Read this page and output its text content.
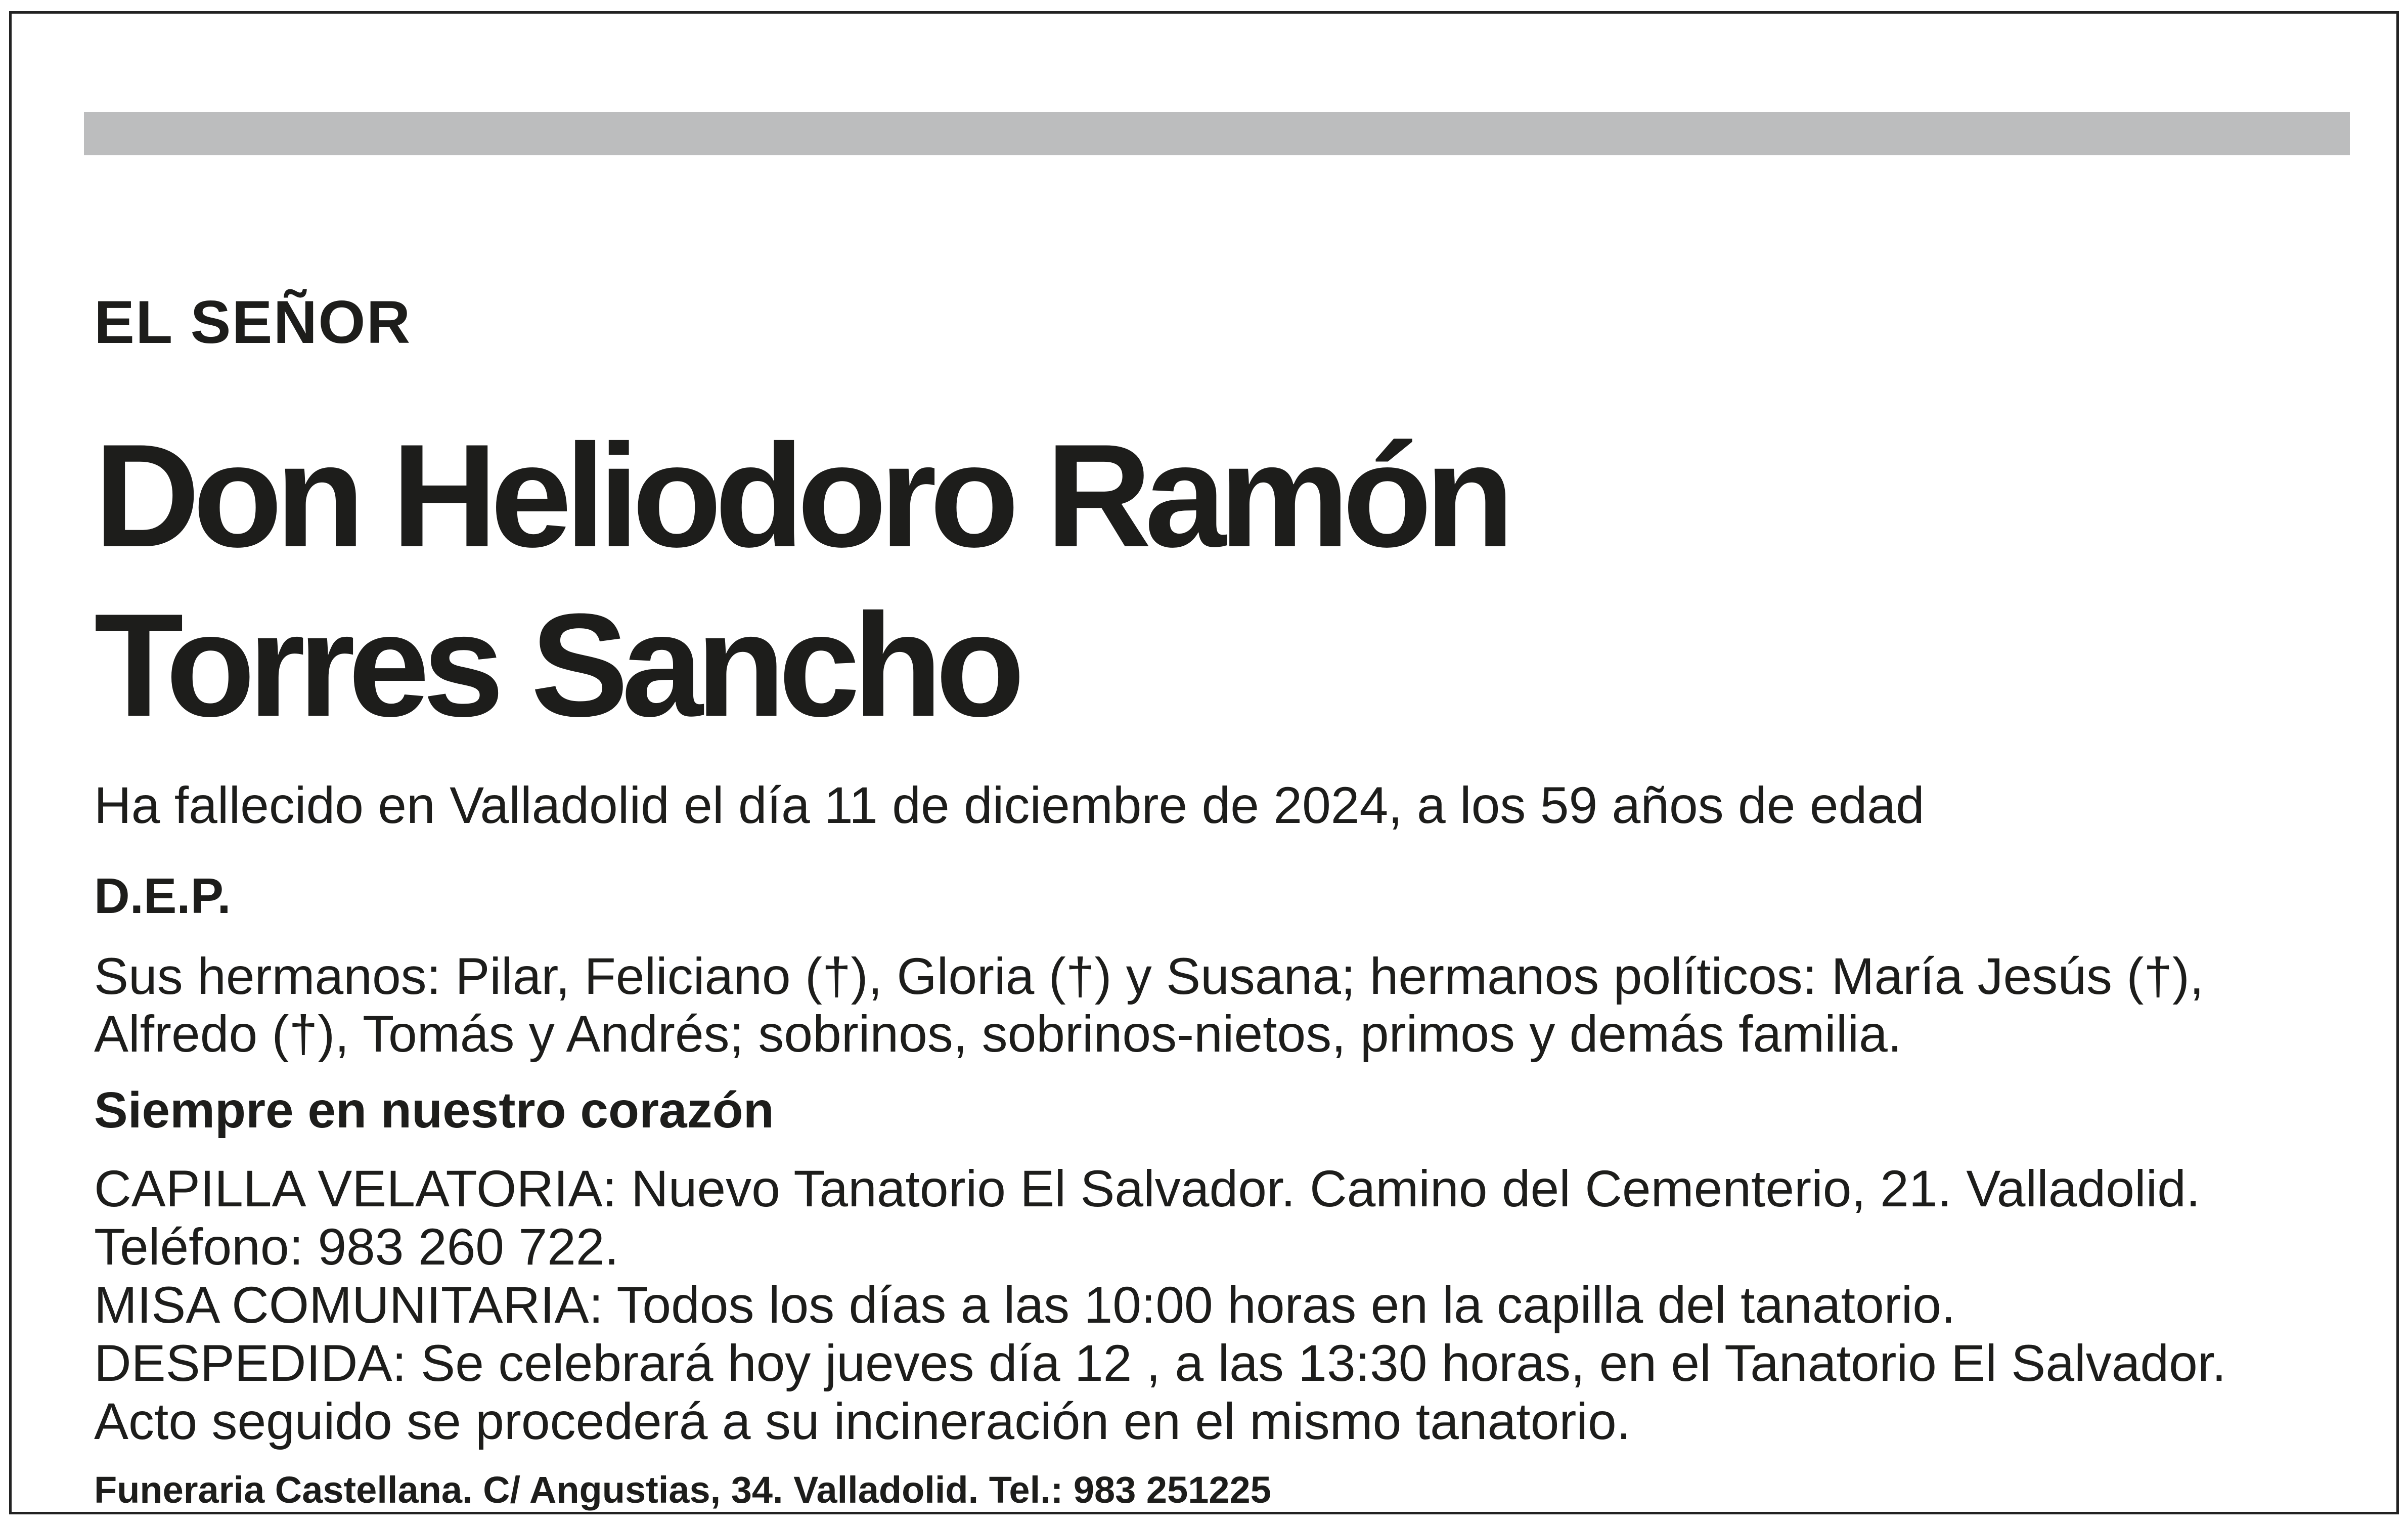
EL SEÑOR
Don Heliodoro Ramón
Torres Sancho
Ha fallecido en Valladolid el día 11 de diciembre de 2024, a los 59 años de edad
D.E.P.
Sus hermanos: Pilar, Feliciano (†), Gloria (†) y Susana; hermanos políticos: María Jesús (†),
Alfredo (†), Tomás y Andrés; sobrinos, sobrinos-nietos, primos y demás familia.
Siempre en nuestro corazón
CAPILLA VELATORIA: Nuevo Tanatorio El Salvador. Camino del Cementerio, 21. Valladolid.
Teléfono: 983 260 722.
MISA COMUNITARIA: Todos los días a las 10:00 horas en la capilla del tanatorio.
DESPEDIDA: Se celebrará hoy jueves día 12 , a las 13:30 horas, en el Tanatorio El Salvador.
Acto seguido se procederá a su incineración en el mismo tanatorio.
Funeraria Castellana. C/ Angustias, 34. Valladolid. Tel.: 983 251225
